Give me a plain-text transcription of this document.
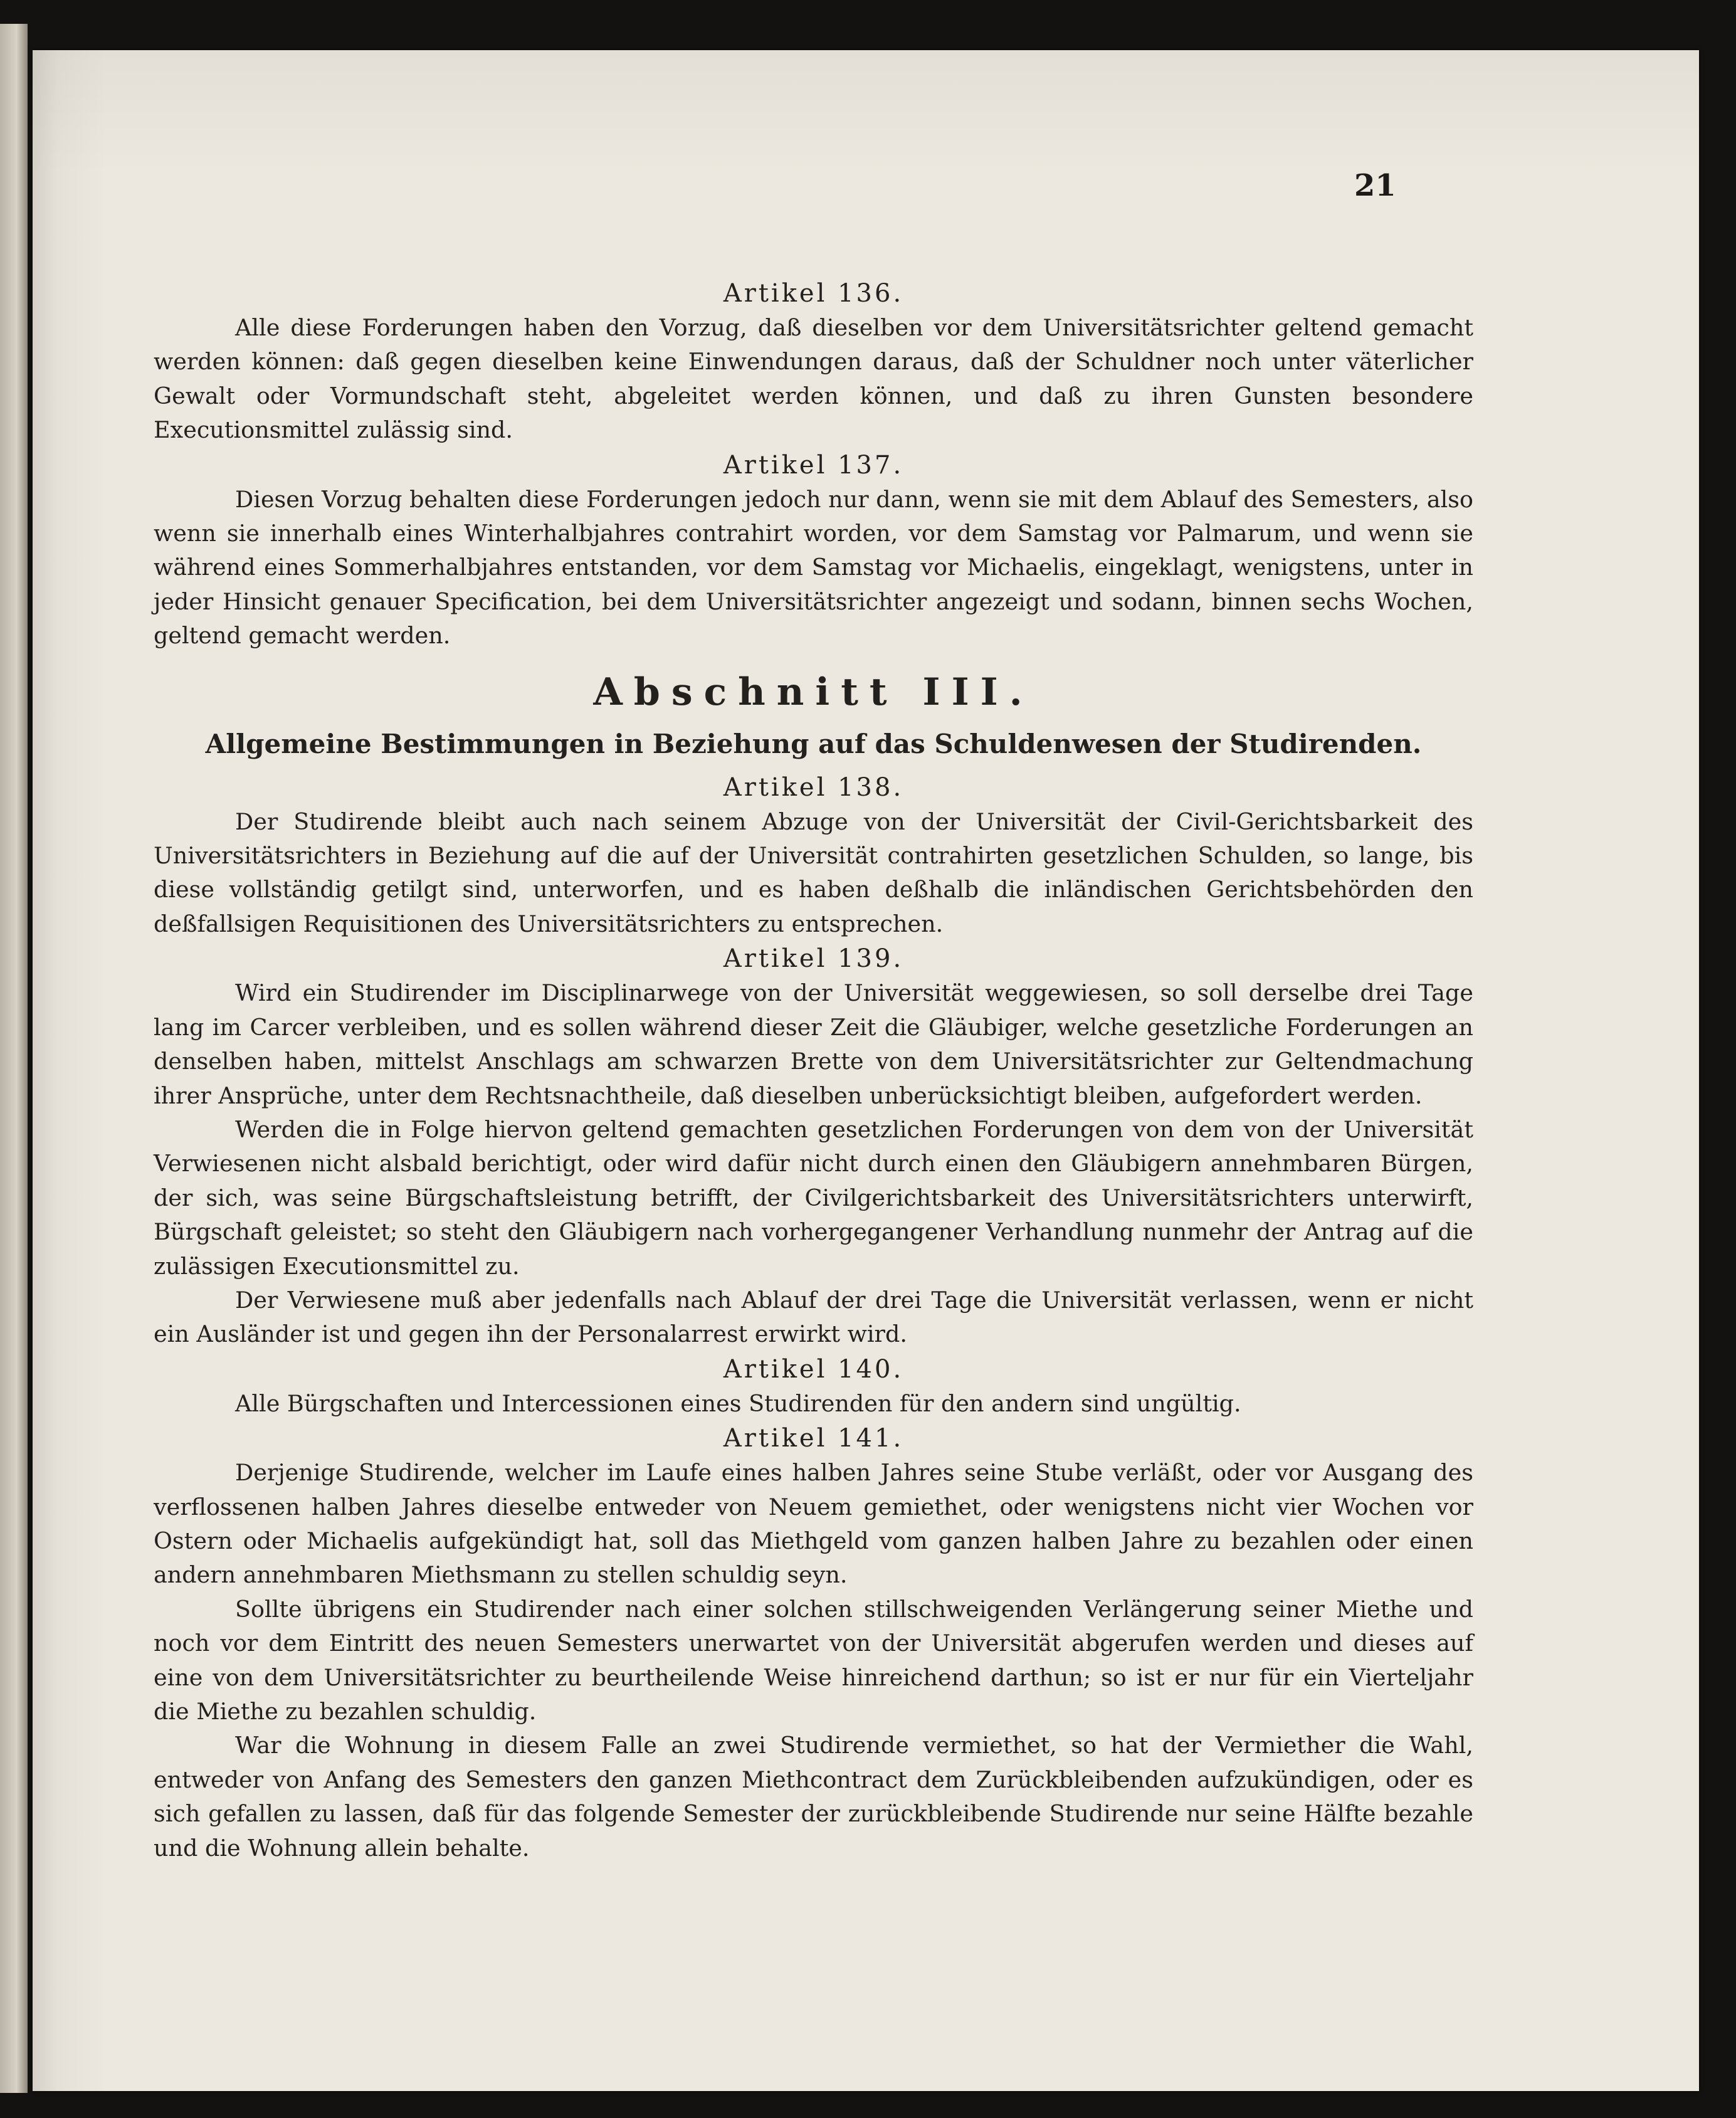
21

Artikel 136.

Alle diese Forderungen haben den Vorzug, daß dieselben vor dem Universitätsrichter geltend gemacht werden können: daß gegen dieselben keine Einwendungen daraus, daß der Schuldner noch unter väterlicher Gewalt oder Vormundschaft steht, abgeleitet werden können, und daß zu ihren Gunsten besondere Executionsmittel zulässig sind.

Artikel 137.

Diesen Vorzug behalten diese Forderungen jedoch nur dann, wenn sie mit dem Ablauf des Semesters, also wenn sie innerhalb eines Winterhalbjahres contrahirt worden, vor dem Samstag vor Palmarum, und wenn sie während eines Sommerhalbjahres entstanden, vor dem Samstag vor Michaelis, eingeklagt, wenigstens, unter in jeder Hinsicht genauer Specification, bei dem Universitätsrichter angezeigt und sodann, binnen sechs Wochen, geltend gemacht werden.

Abschnitt III.
Allgemeine Bestimmungen in Beziehung auf das Schuldenwesen der Studirenden.

Artikel 138.

Der Studirende bleibt auch nach seinem Abzuge von der Universität der Civil-Gerichtsbarkeit des Universitätsrichters in Beziehung auf die auf der Universität contrahirten gesetzlichen Schulden, so lange, bis diese vollständig getilgt sind, unterworfen, und es haben deßhalb die inländischen Gerichtsbehörden den deßfallsigen Requisitionen des Universitätsrichters zu entsprechen.

Artikel 139.

Wird ein Studirender im Disciplinarwege von der Universität weggewiesen, so soll derselbe drei Tage lang im Carcer verbleiben, und es sollen während dieser Zeit die Gläubiger, welche gesetzliche Forderungen an denselben haben, mittelst Anschlags am schwarzen Brette von dem Universitätsrichter zur Geltendmachung ihrer Ansprüche, unter dem Rechtsnachtheile, daß dieselben unberücksichtigt bleiben, aufgefordert werden.

Werden die in Folge hiervon geltend gemachten gesetzlichen Forderungen von dem von der Universität Verwiesenen nicht alsbald berichtigt, oder wird dafür nicht durch einen den Gläubigern annehmbaren Bürgen, der sich, was seine Bürgschaftsleistung betrifft, der Civilgerichtsbarkeit des Universitätsrichters unterwirft, Bürgschaft geleistet; so steht den Gläubigern nach vorhergegangener Verhandlung nunmehr der Antrag auf die zulässigen Executionsmittel zu.

Der Verwiesene muß aber jedenfalls nach Ablauf der drei Tage die Universität verlassen, wenn er nicht ein Ausländer ist und gegen ihn der Personalarrest erwirkt wird.

Artikel 140.

Alle Bürgschaften und Intercessionen eines Studirenden für den andern sind ungültig.

Artikel 141.

Derjenige Studirende, welcher im Laufe eines halben Jahres seine Stube verläßt, oder vor Ausgang des verflossenen halben Jahres dieselbe entweder von Neuem gemiethet, oder wenigstens nicht vier Wochen vor Ostern oder Michaelis aufgekündigt hat, soll das Miethgeld vom ganzen halben Jahre zu bezahlen oder einen andern annehmbaren Miethsmann zu stellen schuldig seyn.

Sollte übrigens ein Studirender nach einer solchen stillschweigenden Verlängerung seiner Miethe und noch vor dem Eintritt des neuen Semesters unerwartet von der Universität abgerufen werden und dieses auf eine von dem Universitätsrichter zu beurtheilende Weise hinreichend darthun; so ist er nur für ein Vierteljahr die Miethe zu bezahlen schuldig.

War die Wohnung in diesem Falle an zwei Studirende vermiethet, so hat der Vermiether die Wahl, entweder von Anfang des Semesters den ganzen Miethcontract dem Zurückbleibenden aufzukündigen, oder es sich gefallen zu lassen, daß für das folgende Semester der zurückbleibende Studirende nur seine Hälfte bezahle und die Wohnung allein behalte.
